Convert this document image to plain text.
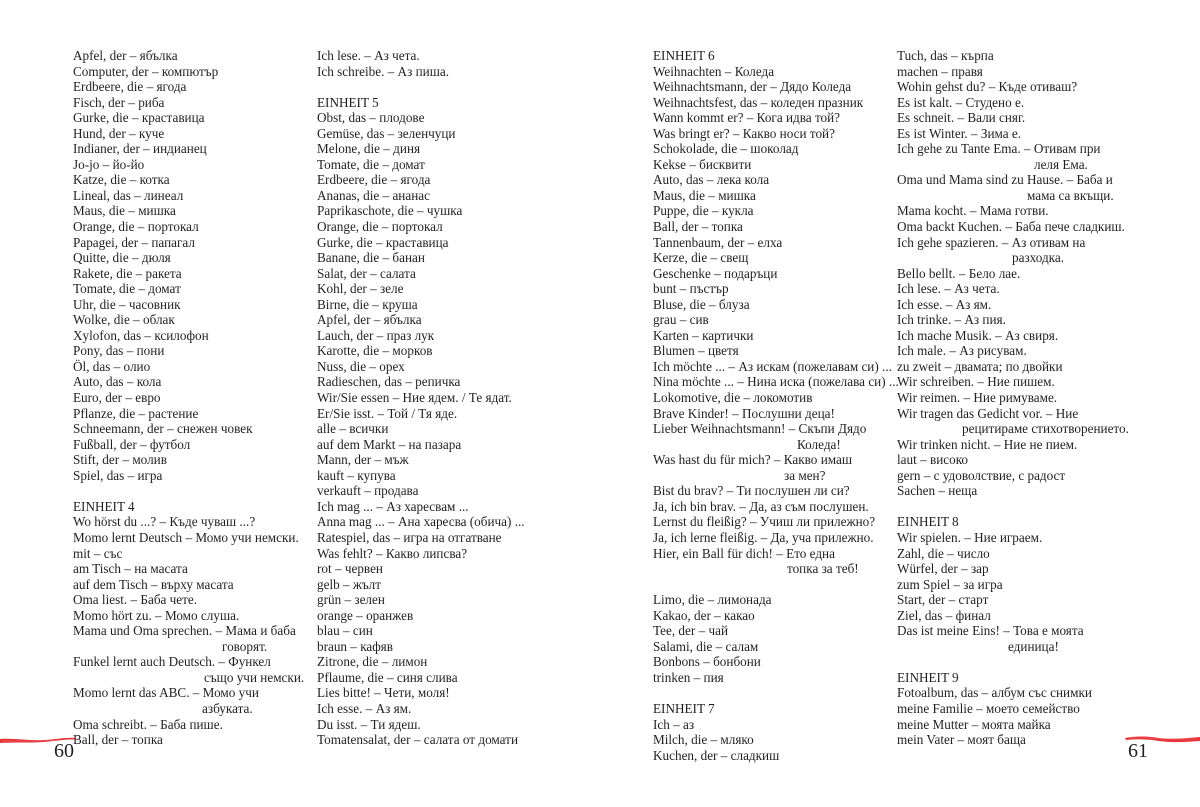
Apfel, der – ябълка
Computer, der – компютър
Erdbeere, die – ягода
Fisch, der – риба
Gurke, die – краставица
Hund, der – куче
Indianer, der – индианец
Jo-jo – йо-йо
Katze, die – котка
Lineal, das – линеал
Maus, die – мишка
Orange, die – портокал
Papagei, der – папагал
Quitte, die – дюля
Rakete, die – ракета
Tomate, die – домат
Uhr, die – часовник
Wolke, die – облак
Xylofon, das – ксилофон
Pony, das – пони
Öl, das – олио
Auto, das – кола
Euro, der – евро
Pflanze, die – растение
Schneemann, der – снежен човек
Fußball, der – футбол
Stift, der – молив
Spiel, das – игра
EINHEIT 4
Wo hörst du ...? – Къде чуваш ...?
Momo lernt Deutsch – Момо учи немски.
mit – със
am Tisch – на масата
auf dem Tisch – върху масата
Oma liest. – Баба чете.
Momo hört zu. – Момо слуша.
Mama und Oma sprechen. – Мама и баба
говорят.
Funkel lernt auch Deutsch. – Функел
също учи немски.
Momo lernt das ABC. – Момо учи
азбуката.
Oma schreibt. – Баба пише.
Ball, der – топка
Ich lese. – Аз чета.
Ich schreibe. – Аз пиша.
EINHEIT 5
Obst, das – плодове
Gemüse, das – зеленчуци
Melone, die – диня
Tomate, die – домат
Erdbeere, die – ягода
Ananas, die – ананас
Paprikaschote, die – чушка
Orange, die – портокал
Gurke, die – краставица
Banane, die – банан
Salat, der – салата
Kohl, der – зеле
Birne, die – круша
Apfel, der – ябълка
Lauch, der – праз лук
Karotte, die – морков
Nuss, die – орех
Radieschen, das – репичка
Wir/Sie essen – Ние ядем. / Те ядат.
Er/Sie isst. – Той / Тя яде.
alle – всички
auf dem Markt – на пазара
Mann, der – мъж
kauft – купува
verkauft – продава
Ich mag ... – Аз харесвам ...
Anna mag ... – Ана харесва (обича) ...
Ratespiel, das – игра на отгатване
Was fehlt? – Какво липсва?
rot – червен
gelb – жълт
grün – зелен
orange – оранжев
blau – син
braun – кафяв
Zitrone, die – лимон
Pflaume, die – синя слива
Lies bitte! – Чети, моля!
Ich esse. – Аз ям.
Du isst. – Ти ядеш.
Tomatensalat, der – салата от домати
EINHEIT 6
Weihnachten – Коледа
Weihnachtsmann, der – Дядо Коледа
Weihnachtsfest, das – коледен празник
Wann kommt er? – Кога идва той?
Was bringt er? – Какво носи той?
Schokolade, die – шоколад
Kekse – бисквити
Auto, das – лека кола
Maus, die – мишка
Puppe, die – кукла
Ball, der – топка
Tannenbaum, der – елха
Kerze, die – свещ
Geschenke – подаръци
bunt – пъстър
Bluse, die – блуза
grau – сив
Karten – картички
Blumen – цветя
Ich möchte ... – Аз искам (пожелавам си) ...
Nina möchte ... – Нина иска (пожелава си) ...
Lokomotive, die – локомотив
Brave Kinder! – Послушни деца!
Lieber Weihnachtsmann! – Скъпи Дядо
Коледа!
Was hast du für mich? – Какво имаш
за мен?
Bist du brav? – Ти послушен ли си?
Ja, ich bin brav. – Да, аз съм послушен.
Lernst du fleißig? – Учиш ли прилежно?
Ja, ich lerne fleißig. – Да, уча прилежно.
Hier, ein Ball für dich! – Ето една
топка за теб!
Limo, die – лимонада
Kakao, der – какао
Tee, der – чай
Salami, die – салам
Bonbons – бонбони
trinken – пия
EINHEIT 7
Ich – аз
Milch, die – мляко
Kuchen, der – сладкиш
Tuch, das – кърпа
machen – правя
Wohin gehst du? – Къде отиваш?
Es ist kalt. – Студено е.
Es schneit. – Вали сняг.
Es ist Winter. – Зима е.
Ich gehe zu Tante Ema. – Отивам при
леля Ема.
Oma und Mama sind zu Hause. – Баба и
мама са вкъщи.
Mama kocht. – Мама готви.
Oma backt Kuchen. – Баба пече сладкиш.
Ich gehe spazieren. – Аз отивам на
разходка.
Bello bellt. – Бело лае.
Ich lese. – Аз чета.
Ich esse. – Аз ям.
Ich trinke. – Аз пия.
Ich mache Musik. – Аз свиря.
Ich male. – Аз рисувам.
zu zweit – двамата; по двойки
Wir schreiben. – Ние пишем.
Wir reimen. – Ние римуваме.
Wir tragen das Gedicht vor. – Ние
рецитираме стихотворението.
Wir trinken nicht. – Ние не пием.
laut – високо
gern – с удоволствие, с радост
Sachen – неща
EINHEIT 8
Wir spielen. – Ние играем.
Zahl, die – число
Würfel, der – зар
zum Spiel – за игра
Start, der – старт
Ziel, das – финал
Das ist meine Eins! – Това е моята
единица!
EINHEIT 9
Fotoalbum, das – албум със снимки
meine Familie – моето семейство
meine Mutter – моята майка
mein Vater – моят баща
60	61
